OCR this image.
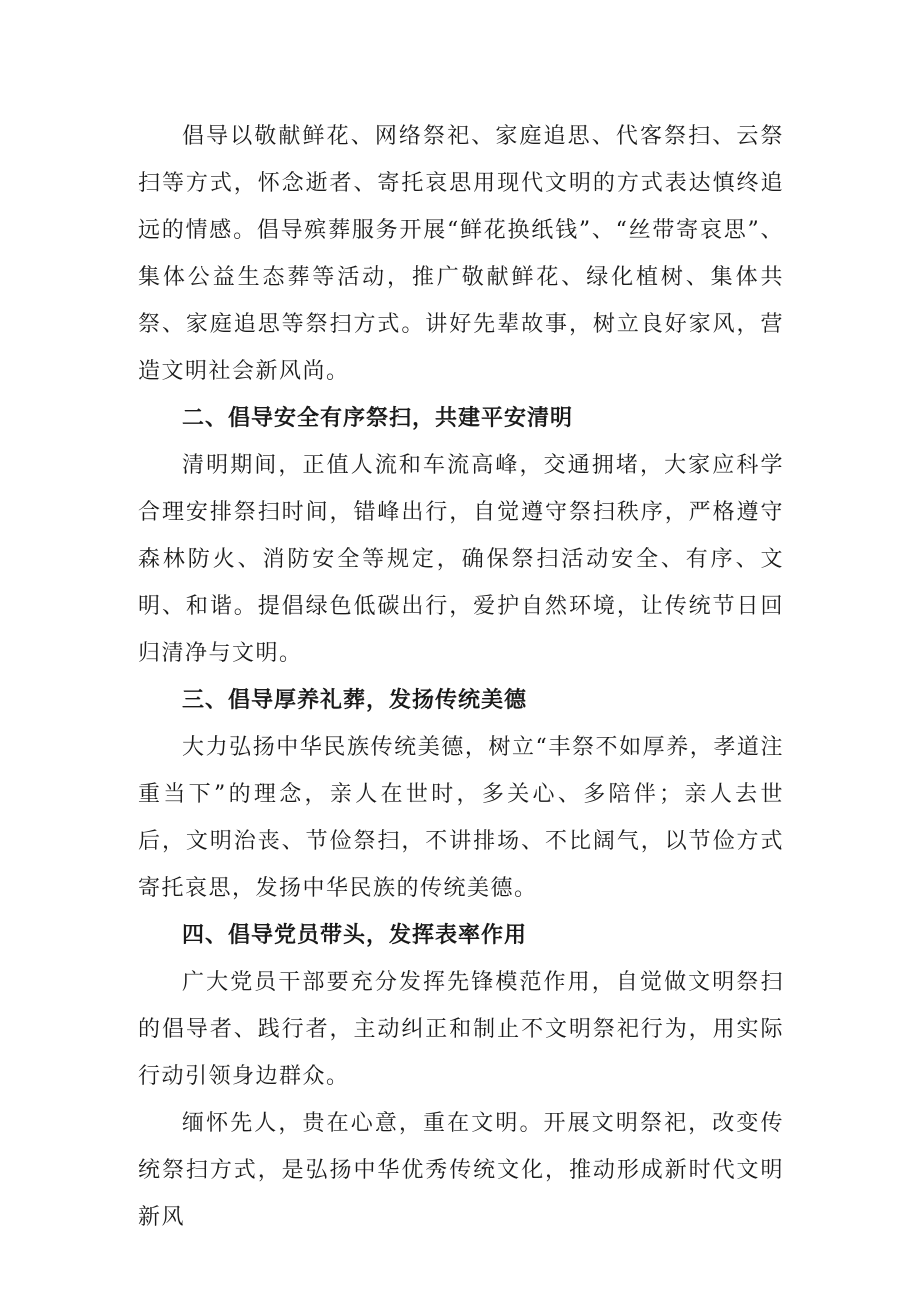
倡导以敬献鲜花、网络祭祀、家庭追思、代客祭扫、云祭扫等方式，怀念逝者、寄托哀思用现代文明的方式表达慎终追远的情感。倡导殡葬服务开展“鲜花换纸钱”、“丝带寄哀思”、集体公益生态葬等活动，推广敬献鲜花、绿化植树、集体共祭、家庭追思等祭扫方式。讲好先辈故事，树立良好家风，营造文明社会新风尚。

二、倡导安全有序祭扫，共建平安清明

清明期间，正值人流和车流高峰，交通拥堵，大家应科学合理安排祭扫时间，错峰出行，自觉遵守祭扫秩序，严格遵守森林防火、消防安全等规定，确保祭扫活动安全、有序、文明、和谐。提倡绿色低碳出行，爱护自然环境，让传统节日回归清净与文明。

三、倡导厚养礼葬，发扬传统美德

大力弘扬中华民族传统美德，树立“丰祭不如厚养，孝道注重当下”的理念，亲人在世时，多关心、多陪伴；亲人去世后，文明治丧、节俭祭扫，不讲排场、不比阔气，以节俭方式寄托哀思，发扬中华民族的传统美德。

四、倡导党员带头，发挥表率作用

广大党员干部要充分发挥先锋模范作用，自觉做文明祭扫的倡导者、践行者，主动纠正和制止不文明祭祀行为，用实际行动引领身边群众。

缅怀先人，贵在心意，重在文明。开展文明祭祀，改变传统祭扫方式，是弘扬中华优秀传统文化，推动形成新时代文明新风
